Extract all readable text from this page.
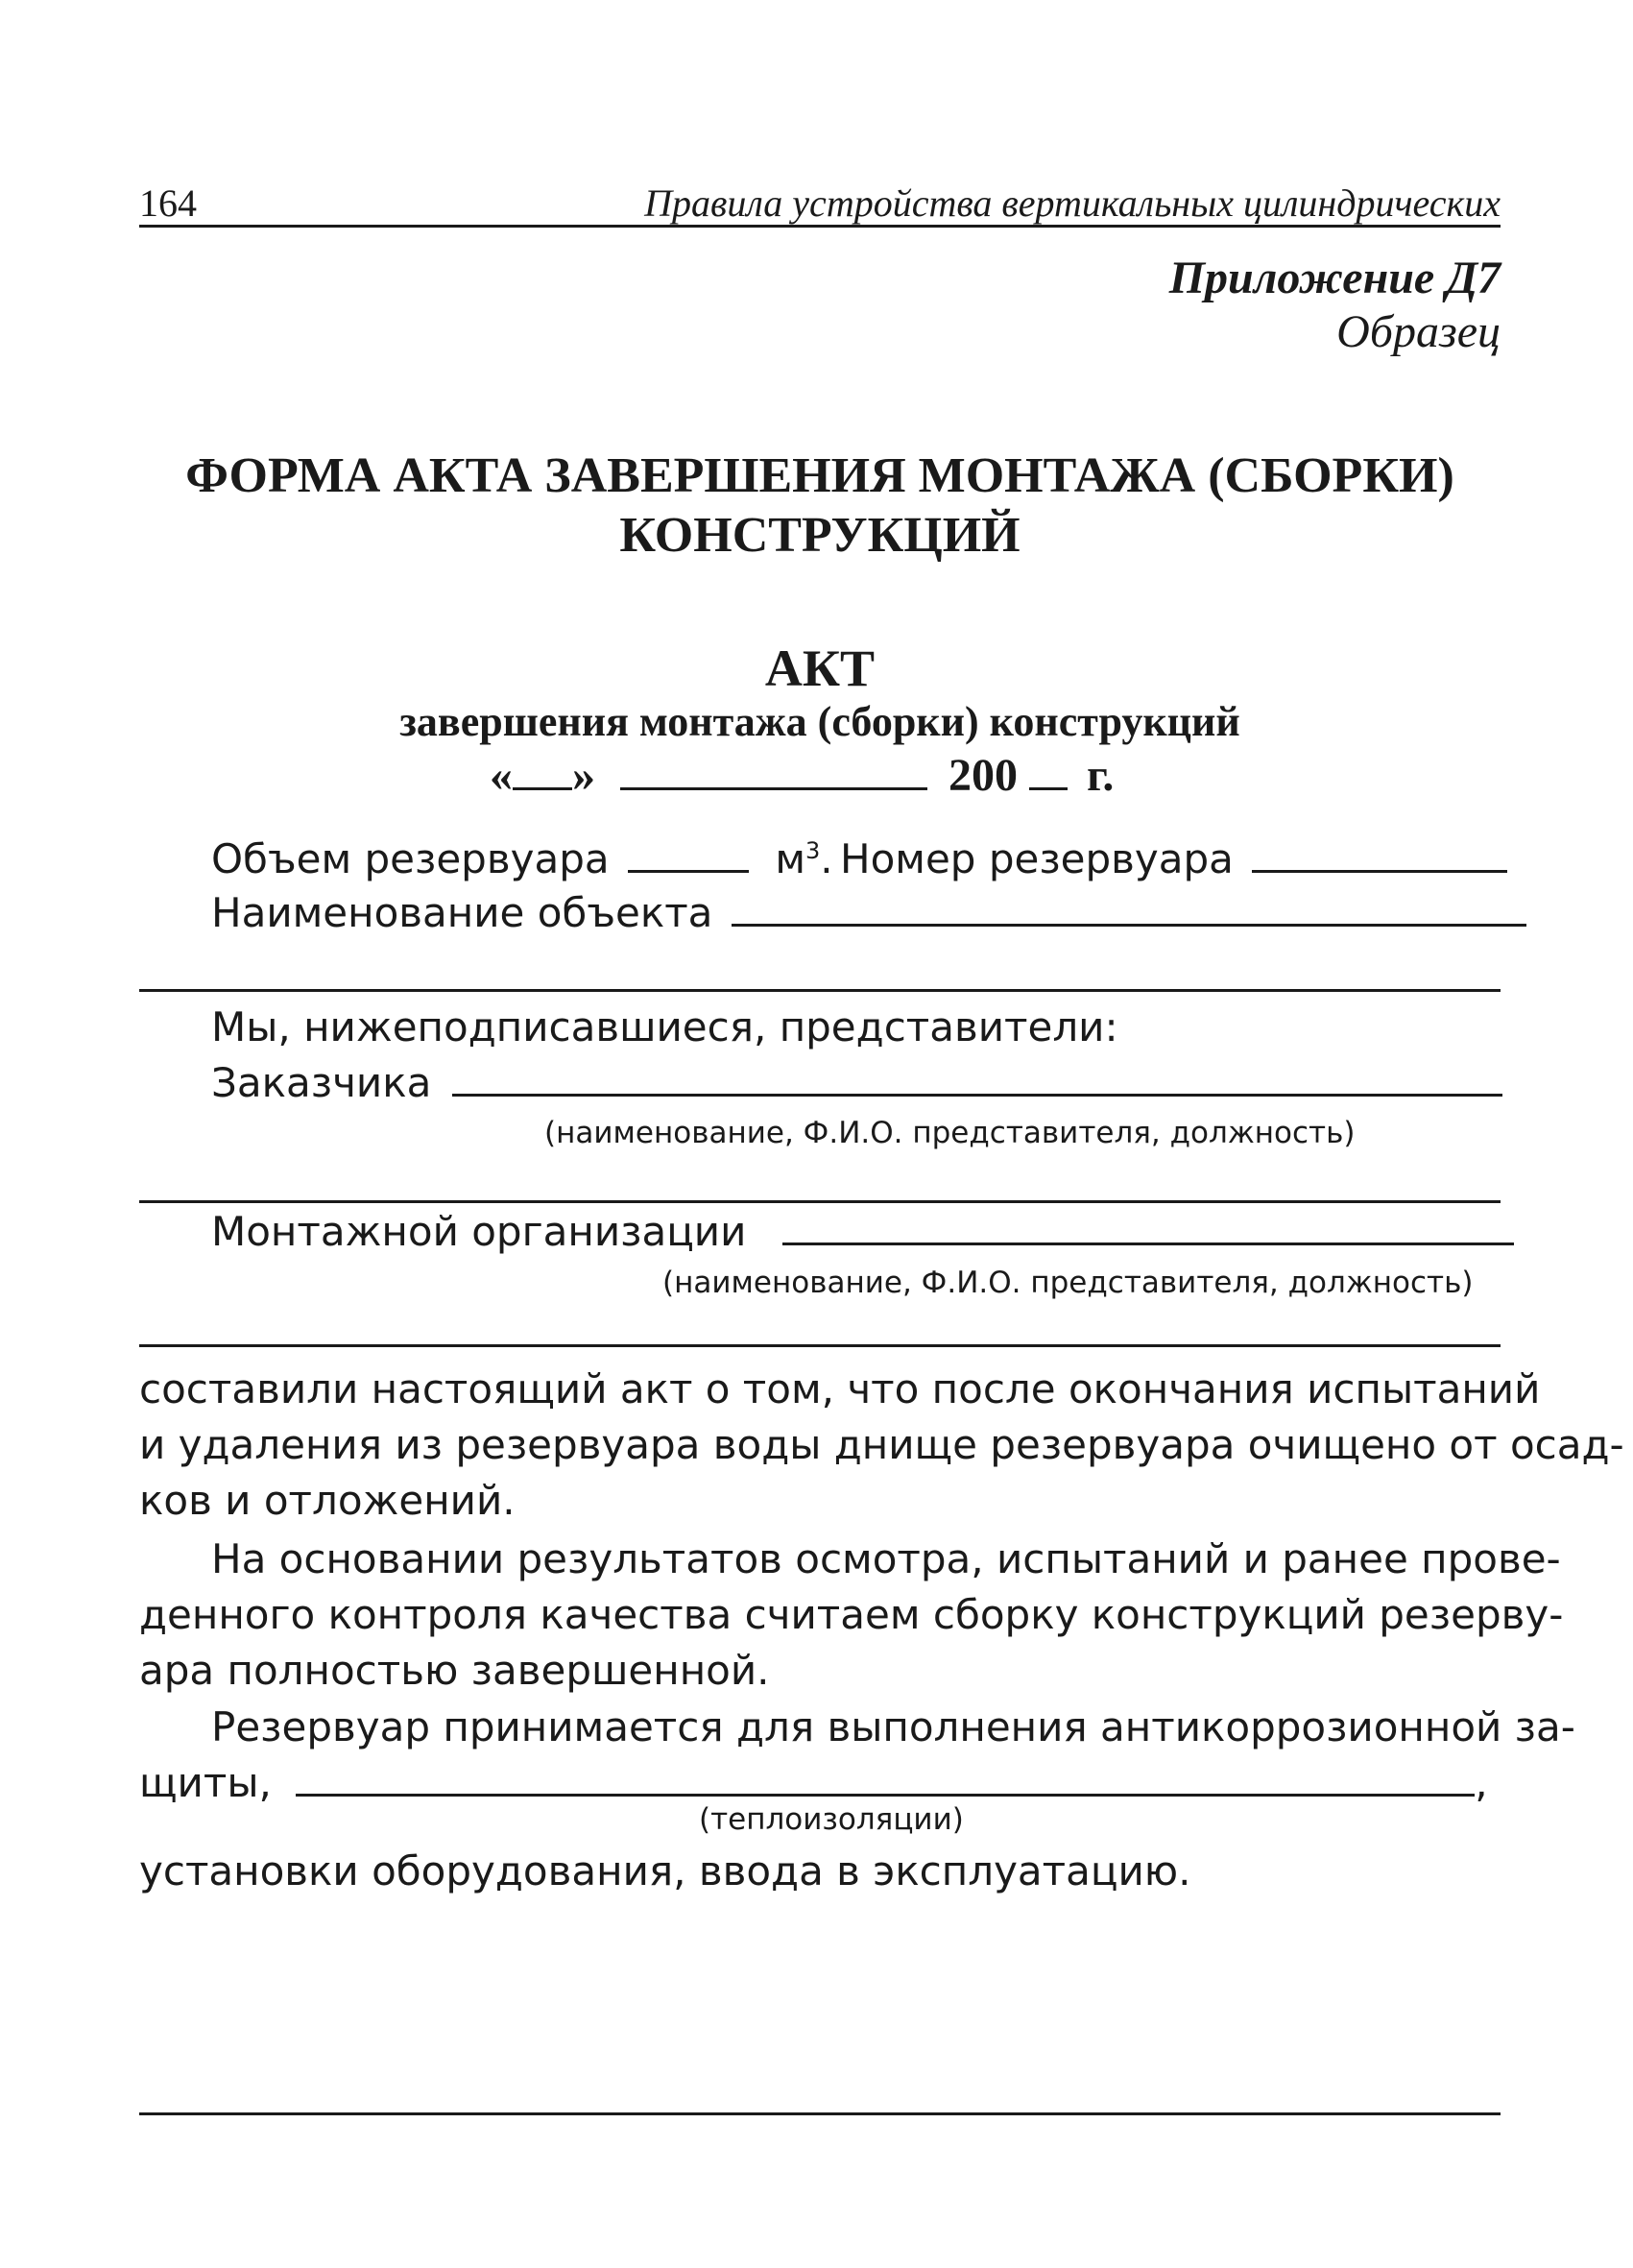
164	Правила устройства вертикальных цилиндрических
Приложение Д7
Образец
ФОРМА АКТА ЗАВЕРШЕНИЯ МОНТАЖА (СБОРКИ)
КОНСТРУКЦИЙ
АКТ
завершения монтажа (сборки) конструкций
« »	200 г.
Объем резервуара	$м^3$. Номер резервуара
Наименование объекта
Мы, нижеподписавшиеся, представители:
Заказчика
(наименование, Ф.И.О. представителя, должность)
Монтажной организации
(наименование, Ф.И.О. представителя, должность)
составили настоящий акт о том, что после окончания испытаний
и удаления из резервуара воды днище резервуара очищено от осад-
ков и отложений.
На основании результатов осмотра, испытаний и ранее прове-
денного контроля качества считаем сборку конструкций резерву-
ара полностью завершенной.
Резервуар принимается для выполнения антикоррозионной за-
щиты,	,
(теплоизоляции)
установки оборудования, ввода в эксплуатацию.
